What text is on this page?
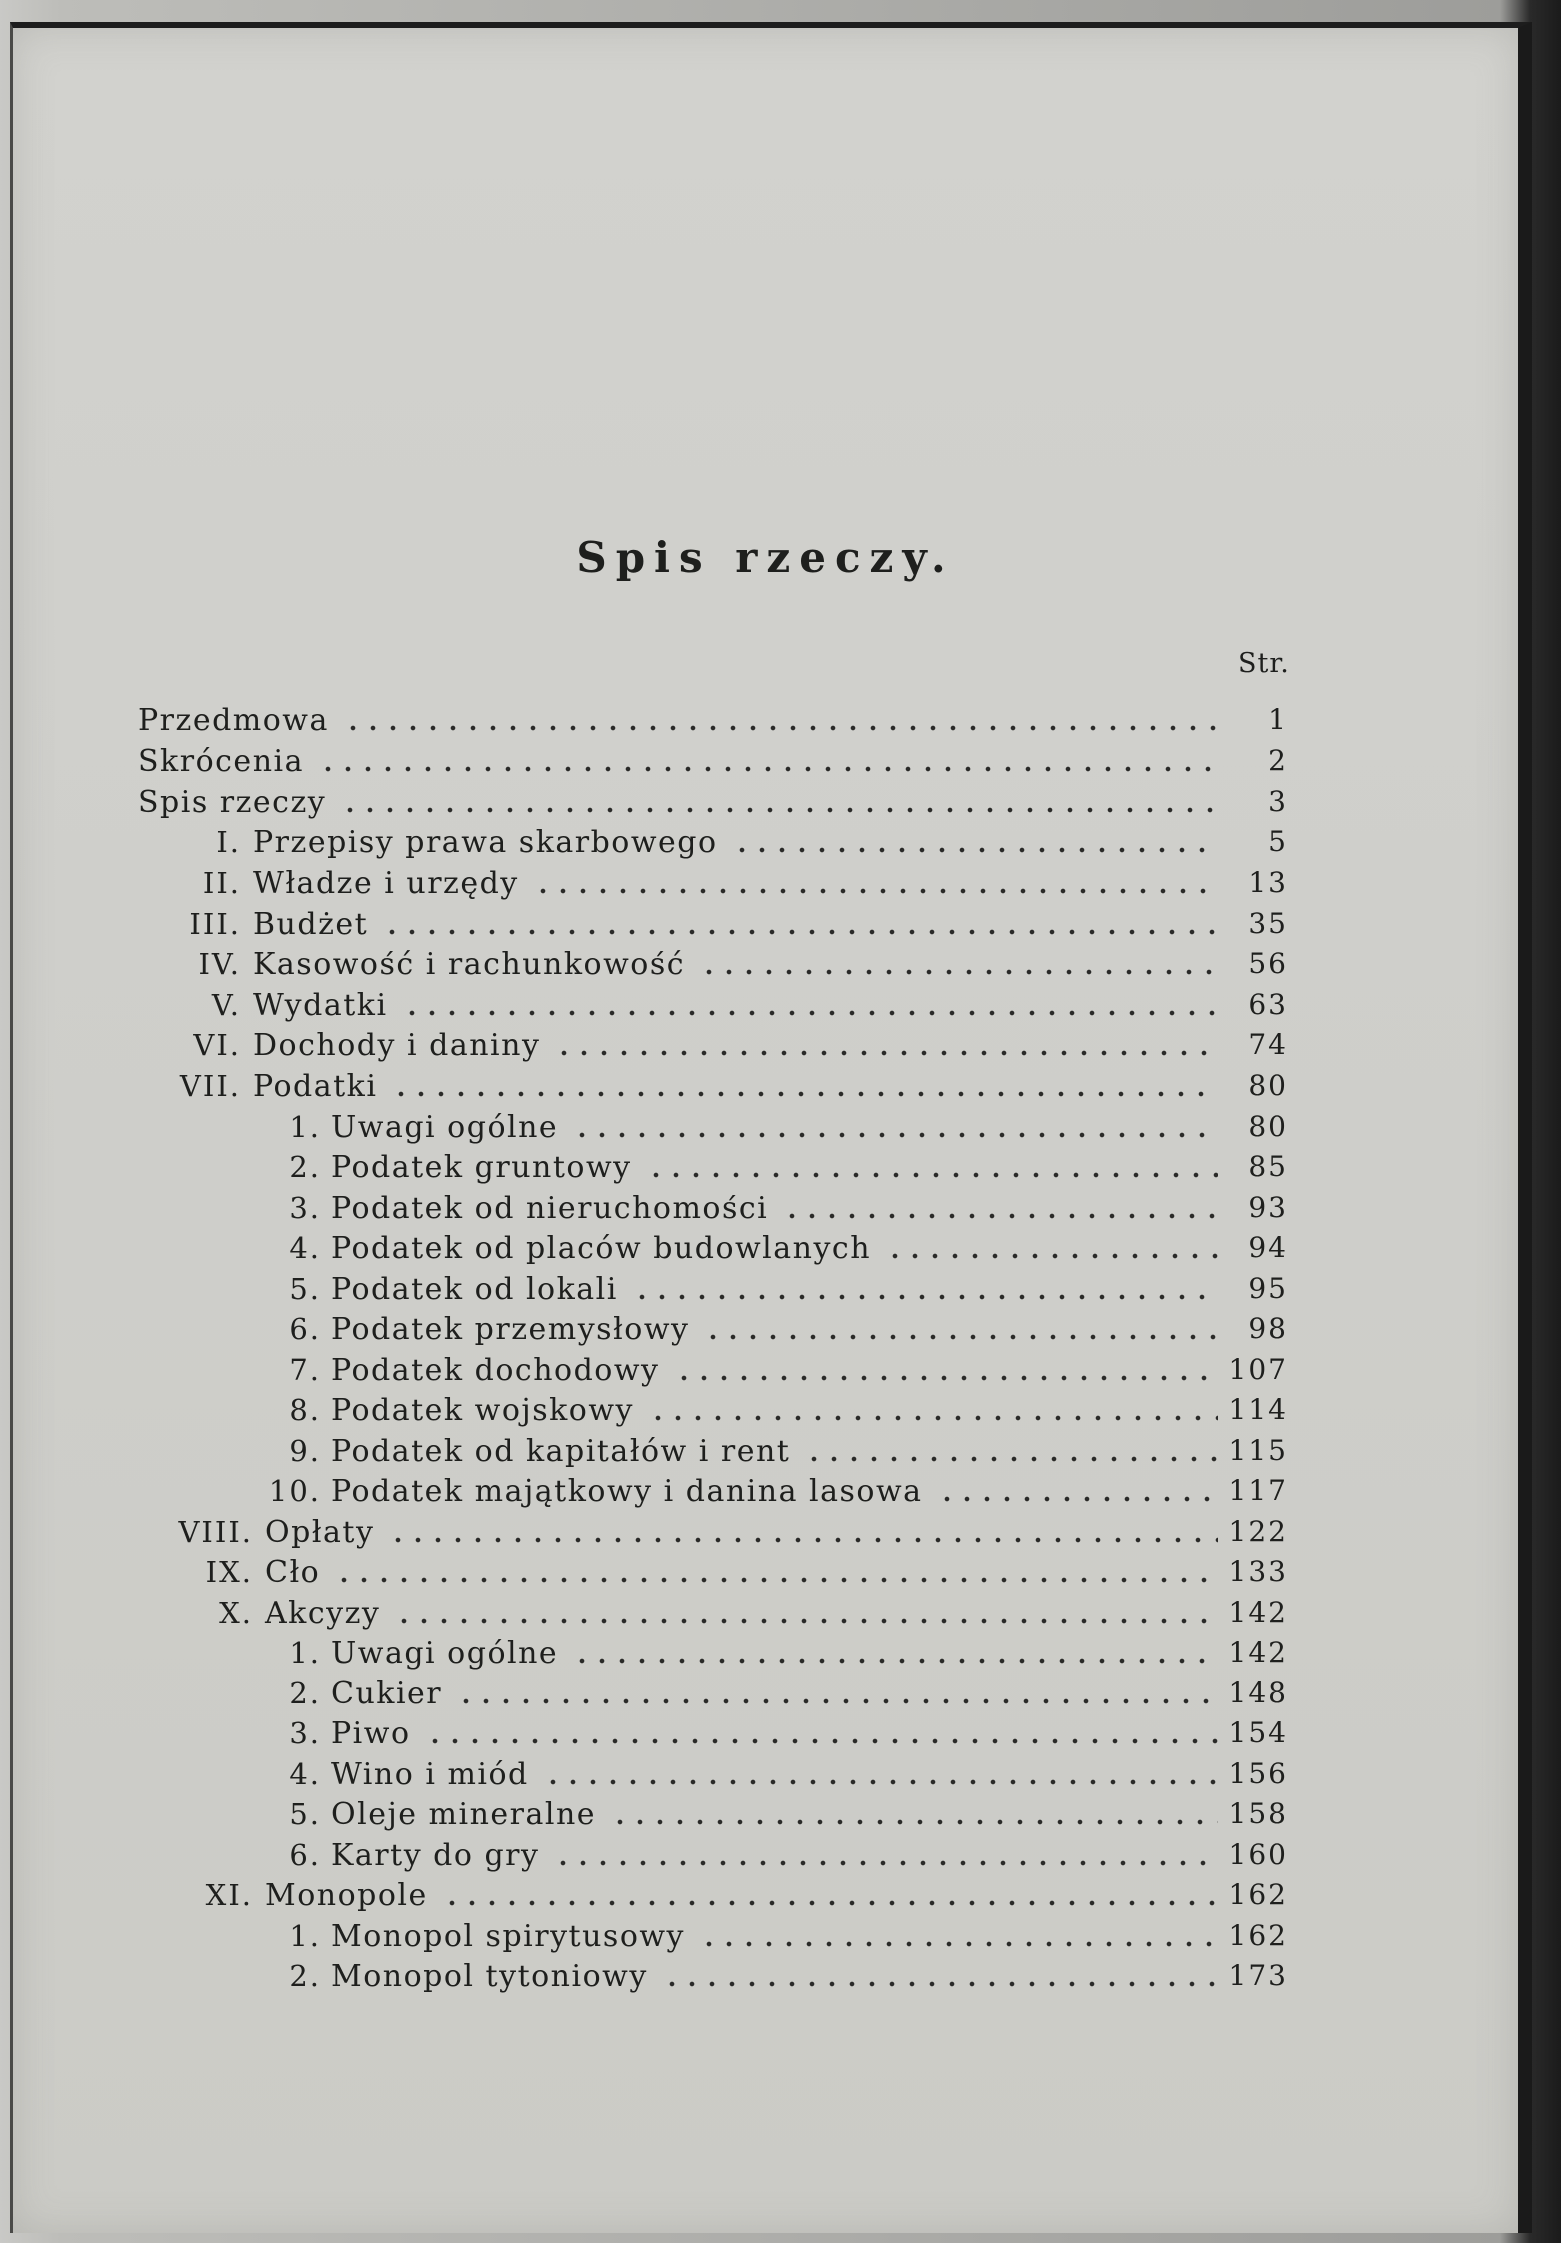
Spis rzeczy.
Str.
Przedmowa	1
Skrócenia	2
Spis rzeczy	3
I. Przepisy prawa skarbowego	5
II. Władze i urzędy	13
III. Budżet	35
IV. Kasowość i rachunkowość	56
V. Wydatki	63
VI. Dochody i daniny	74
VII. Podatki	80
1. Uwagi ogólne	80
2. Podatek gruntowy	85
3. Podatek od nieruchomości	93
4. Podatek od placów budowlanych	94
5. Podatek od lokali	95
6. Podatek przemysłowy	98
7. Podatek dochodowy	107
8. Podatek wojskowy	114
9. Podatek od kapitałów i rent	115
10. Podatek majątkowy i danina lasowa	117
VIII. Opłaty	122
IX. Cło	133
X. Akcyzy	142
1. Uwagi ogólne	142
2. Cukier	148
3. Piwo	154
4. Wino i miód	156
5. Oleje mineralne	158
6. Karty do gry	160
XI. Monopole	162
1. Monopol spirytusowy	162
2. Monopol tytoniowy	173
